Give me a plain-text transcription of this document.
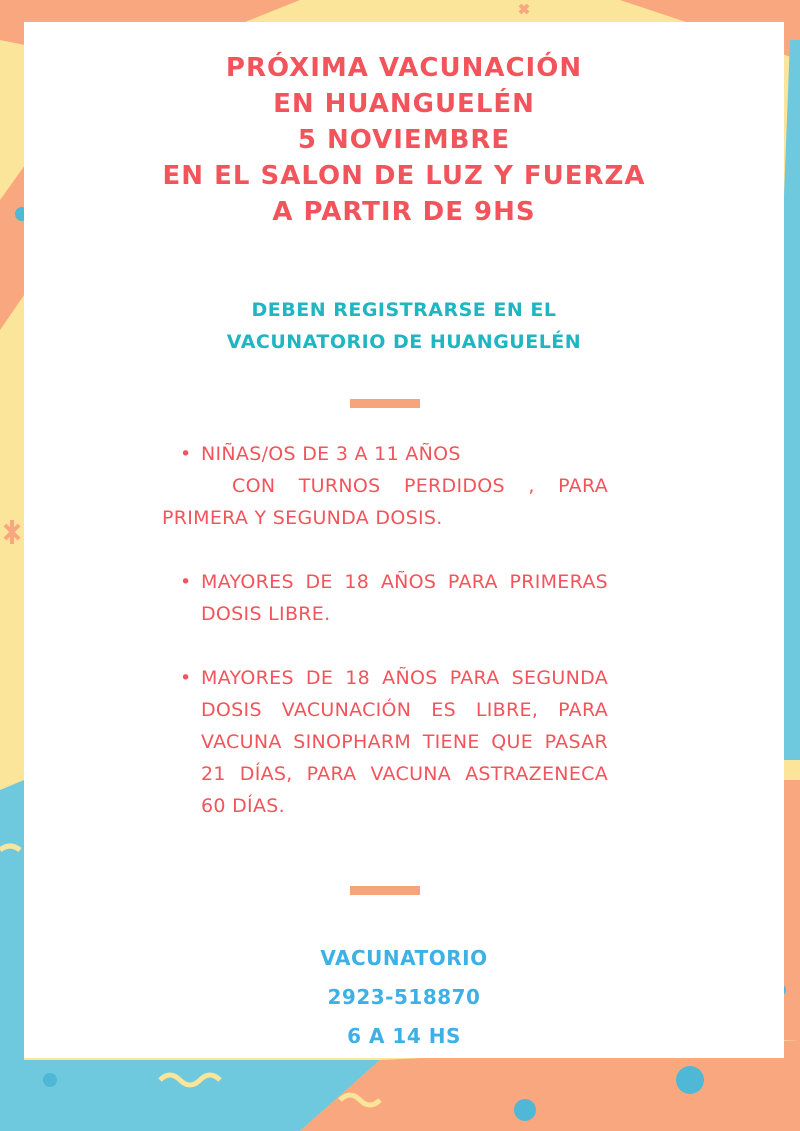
PRÓXIMA VACUNACIÓN
EN HUANGUELÉN
5 NOVIEMBRE
EN EL SALON DE LUZ Y FUERZA
A PARTIR DE 9HS
DEBEN REGISTRARSE EN EL
VACUNATORIO DE HUANGUELÉN
• NIÑAS/OS DE 3 A 11 AÑOS
CON TURNOS PERDIDOS , PARA
PRIMERA Y SEGUNDA DOSIS.
• MAYORES DE 18 AÑOS PARA PRIMERAS DOSIS LIBRE.
• MAYORES DE 18 AÑOS PARA SEGUNDA DOSIS VACUNACIÓN ES LIBRE, PARA VACUNA SINOPHARM TIENE QUE PASAR 21 DÍAS, PARA VACUNA ASTRAZENECA 60 DÍAS.
VACUNATORIO
2923-518870
6 A 14 HS
